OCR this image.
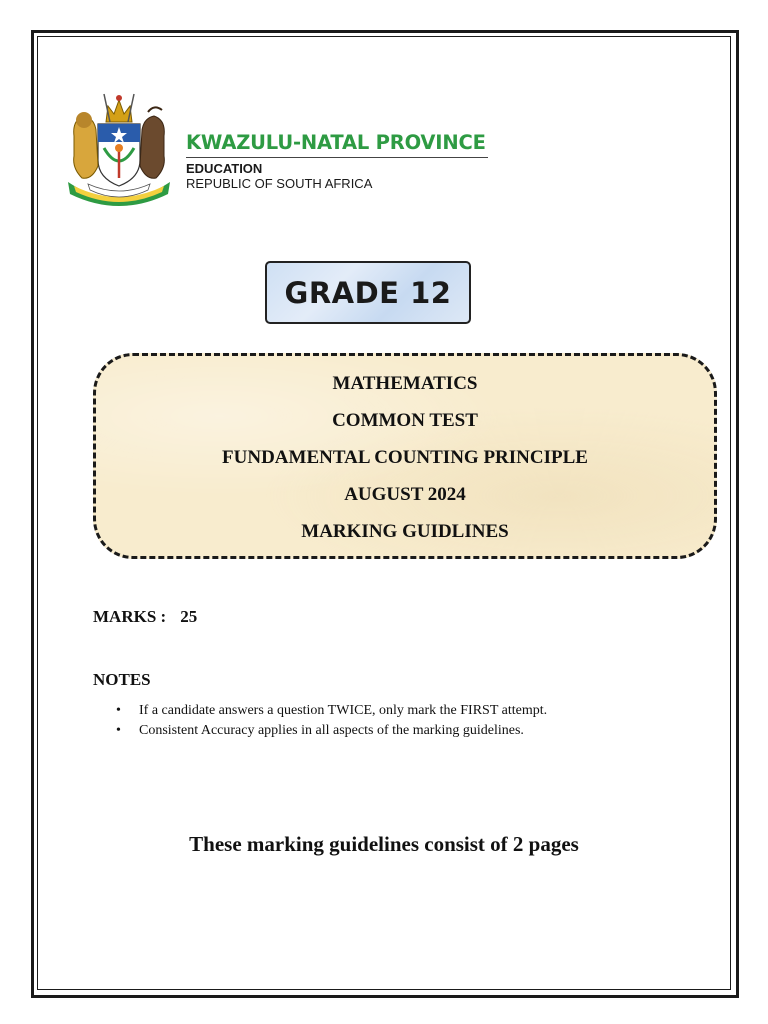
KWAZULU-NATAL PROVINCE
EDUCATION
REPUBLIC OF SOUTH AFRICA
GRADE 12
MATHEMATICS
COMMON TEST
FUNDAMENTAL COUNTING PRINCIPLE
AUGUST 2024
MARKING GUIDLINES
MARKS : 25
NOTES
• If a candidate answers a question TWICE, only mark the FIRST attempt.
• Consistent Accuracy applies in all aspects of the marking guidelines.
These marking guidelines consist of 2 pages
